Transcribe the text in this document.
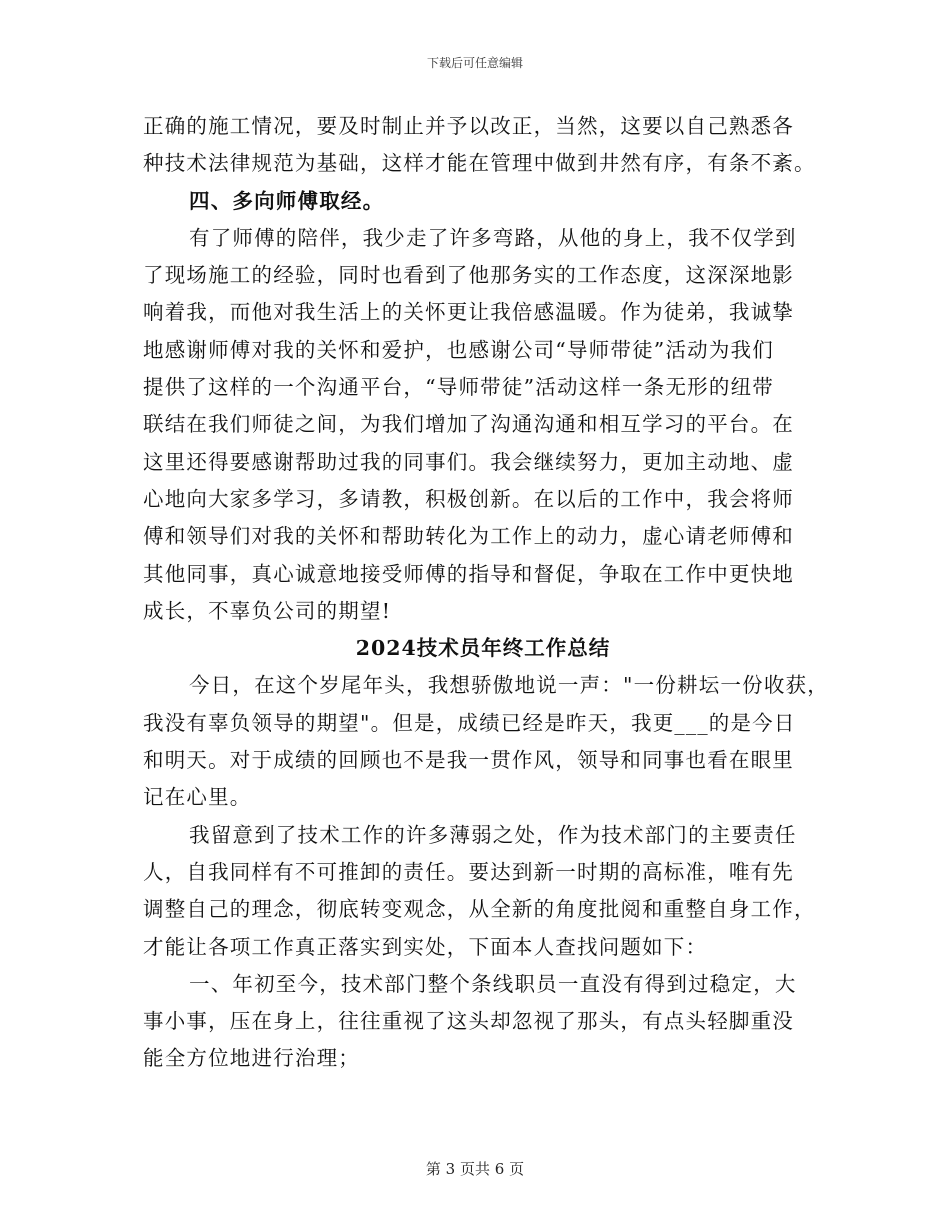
下载后可任意编辑
正确的施工情况，要及时制止并予以改正，当然，这要以自己熟悉各
种技术法律规范为基础，这样才能在管理中做到井然有序，有条不紊。
四、多向师傅取经。
有了师傅的陪伴，我少走了许多弯路，从他的身上，我不仅学到
了现场施工的经验，同时也看到了他那务实的工作态度，这深深地影
响着我，而他对我生活上的关怀更让我倍感温暖。作为徒弟，我诚挚
地感谢师傅对我的关怀和爱护，也感谢公司“导师带徒”活动为我们
提供了这样的一个沟通平台，“导师带徒”活动这样一条无形的纽带
联结在我们师徒之间，为我们增加了沟通沟通和相互学习的平台。在
这里还得要感谢帮助过我的同事们。我会继续努力，更加主动地、虚
心地向大家多学习，多请教，积极创新。在以后的工作中，我会将师
傅和领导们对我的关怀和帮助转化为工作上的动力，虚心请老师傅和
其他同事，真心诚意地接受师傅的指导和督促，争取在工作中更快地
成长，不辜负公司的期望!
2024技术员年终工作总结
今日，在这个岁尾年头，我想骄傲地说一声："一份耕坛一份收获，
我没有辜负领导的期望"。但是，成绩已经是昨天，我更___的是今日
和明天。对于成绩的回顾也不是我一贯作风，领导和同事也看在眼里
记在心里。
我留意到了技术工作的许多薄弱之处，作为技术部门的主要责任
人，自我同样有不可推卸的责任。要达到新一时期的高标准，唯有先
调整自己的理念，彻底转变观念，从全新的角度批阅和重整自身工作，
才能让各项工作真正落实到实处，下面本人查找问题如下：
一、年初至今，技术部门整个条线职员一直没有得到过稳定，大
事小事，压在身上，往往重视了这头却忽视了那头，有点头轻脚重没
能全方位地进行治理；
第 3 页共 6 页
